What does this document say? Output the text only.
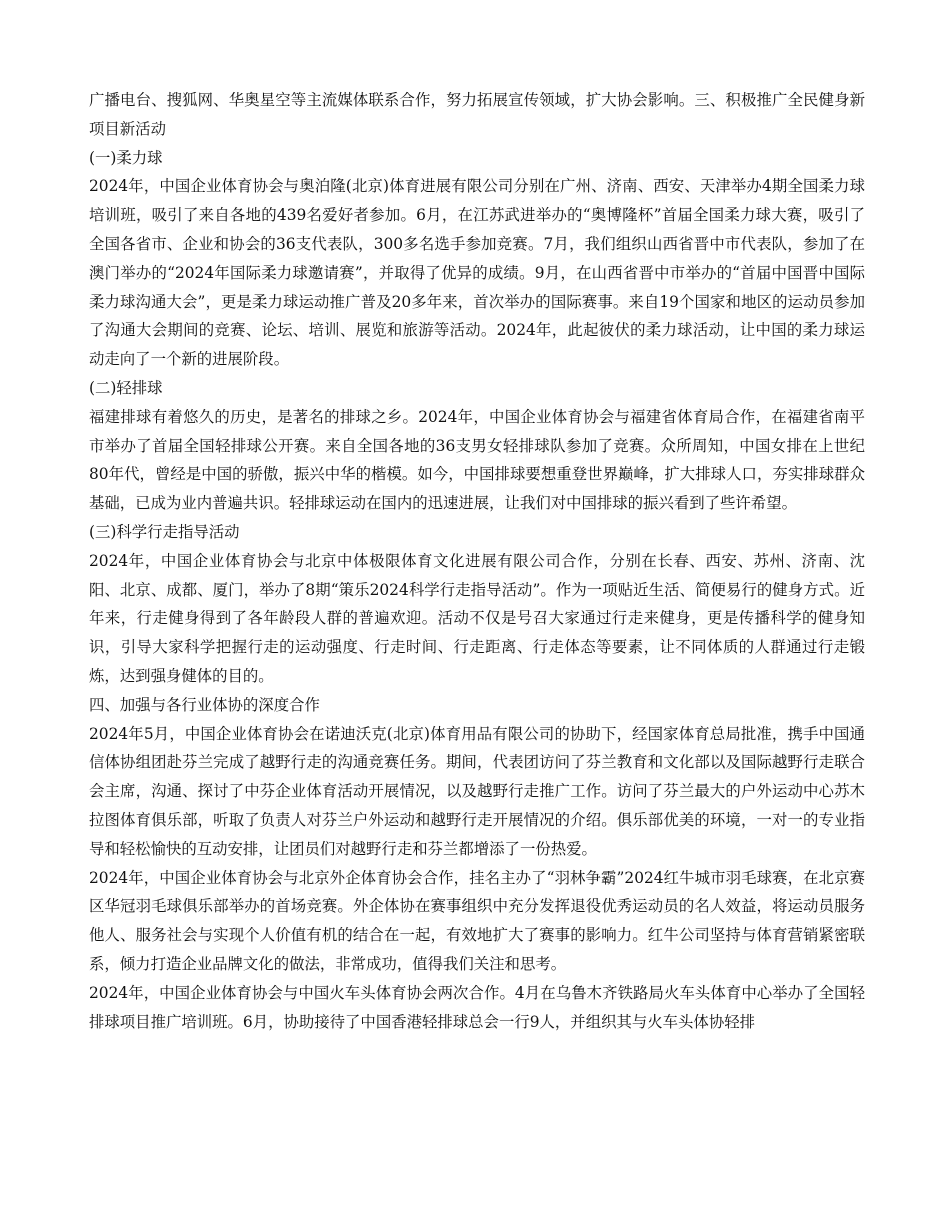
广播电台、搜狐网、华奥星空等主流媒体联系合作，努力拓展宣传领域，扩大协会影响。三、积极推广全民健身新项目新活动

(一)柔力球

2024年，中国企业体育协会与奥泊隆(北京)体育进展有限公司分别在广州、济南、西安、天津举办4期全国柔力球培训班，吸引了来自各地的439名爱好者参加。6月，在江苏武进举办的“奥博隆杯”首届全国柔力球大赛，吸引了全国各省市、企业和协会的36支代表队，300多名选手参加竞赛。7月，我们组织山西省晋中市代表队，参加了在澳门举办的“2024年国际柔力球邀请赛”，并取得了优异的成绩。9月，在山西省晋中市举办的“首届中国晋中国际柔力球沟通大会”，更是柔力球运动推广普及20多年来，首次举办的国际赛事。来自19个国家和地区的运动员参加了沟通大会期间的竞赛、论坛、培训、展览和旅游等活动。2024年，此起彼伏的柔力球活动，让中国的柔力球运动走向了一个新的进展阶段。

(二)轻排球

福建排球有着悠久的历史，是著名的排球之乡。2024年，中国企业体育协会与福建省体育局合作，在福建省南平市举办了首届全国轻排球公开赛。来自全国各地的36支男女轻排球队参加了竞赛。众所周知，中国女排在上世纪80年代，曾经是中国的骄傲，振兴中华的楷模。如今，中国排球要想重登世界巅峰，扩大排球人口，夯实排球群众基础，已成为业内普遍共识。轻排球运动在国内的迅速进展，让我们对中国排球的振兴看到了些许希望。

(三)科学行走指导活动

2024年，中国企业体育协会与北京中体极限体育文化进展有限公司合作，分别在长春、西安、苏州、济南、沈阳、北京、成都、厦门，举办了8期“策乐2024科学行走指导活动”。作为一项贴近生活、简便易行的健身方式。近年来，行走健身得到了各年龄段人群的普遍欢迎。活动不仅是号召大家通过行走来健身，更是传播科学的健身知识，引导大家科学把握行走的运动强度、行走时间、行走距离、行走体态等要素，让不同体质的人群通过行走锻炼，达到强身健体的目的。

四、加强与各行业体协的深度合作

2024年5月，中国企业体育协会在诺迪沃克(北京)体育用品有限公司的协助下，经国家体育总局批准，携手中国通信体协组团赴芬兰完成了越野行走的沟通竞赛任务。期间，代表团访问了芬兰教育和文化部以及国际越野行走联合会主席，沟通、探讨了中芬企业体育活动开展情况，以及越野行走推广工作。访问了芬兰最大的户外运动中心苏木拉图体育俱乐部，听取了负责人对芬兰户外运动和越野行走开展情况的介绍。俱乐部优美的环境，一对一的专业指导和轻松愉快的互动安排，让团员们对越野行走和芬兰都增添了一份热爱。

2024年，中国企业体育协会与北京外企体育协会合作，挂名主办了“羽林争霸”2024红牛城市羽毛球赛，在北京赛区华冠羽毛球俱乐部举办的首场竞赛。外企体协在赛事组织中充分发挥退役优秀运动员的名人效益，将运动员服务他人、服务社会与实现个人价值有机的结合在一起，有效地扩大了赛事的影响力。红牛公司坚持与体育营销紧密联系，倾力打造企业品牌文化的做法，非常成功，值得我们关注和思考。

2024年，中国企业体育协会与中国火车头体育协会两次合作。4月在乌鲁木齐铁路局火车头体育中心举办了全国轻排球项目推广培训班。6月，协助接待了中国香港轻排球总会一行9人，并组织其与火车头体协轻排
